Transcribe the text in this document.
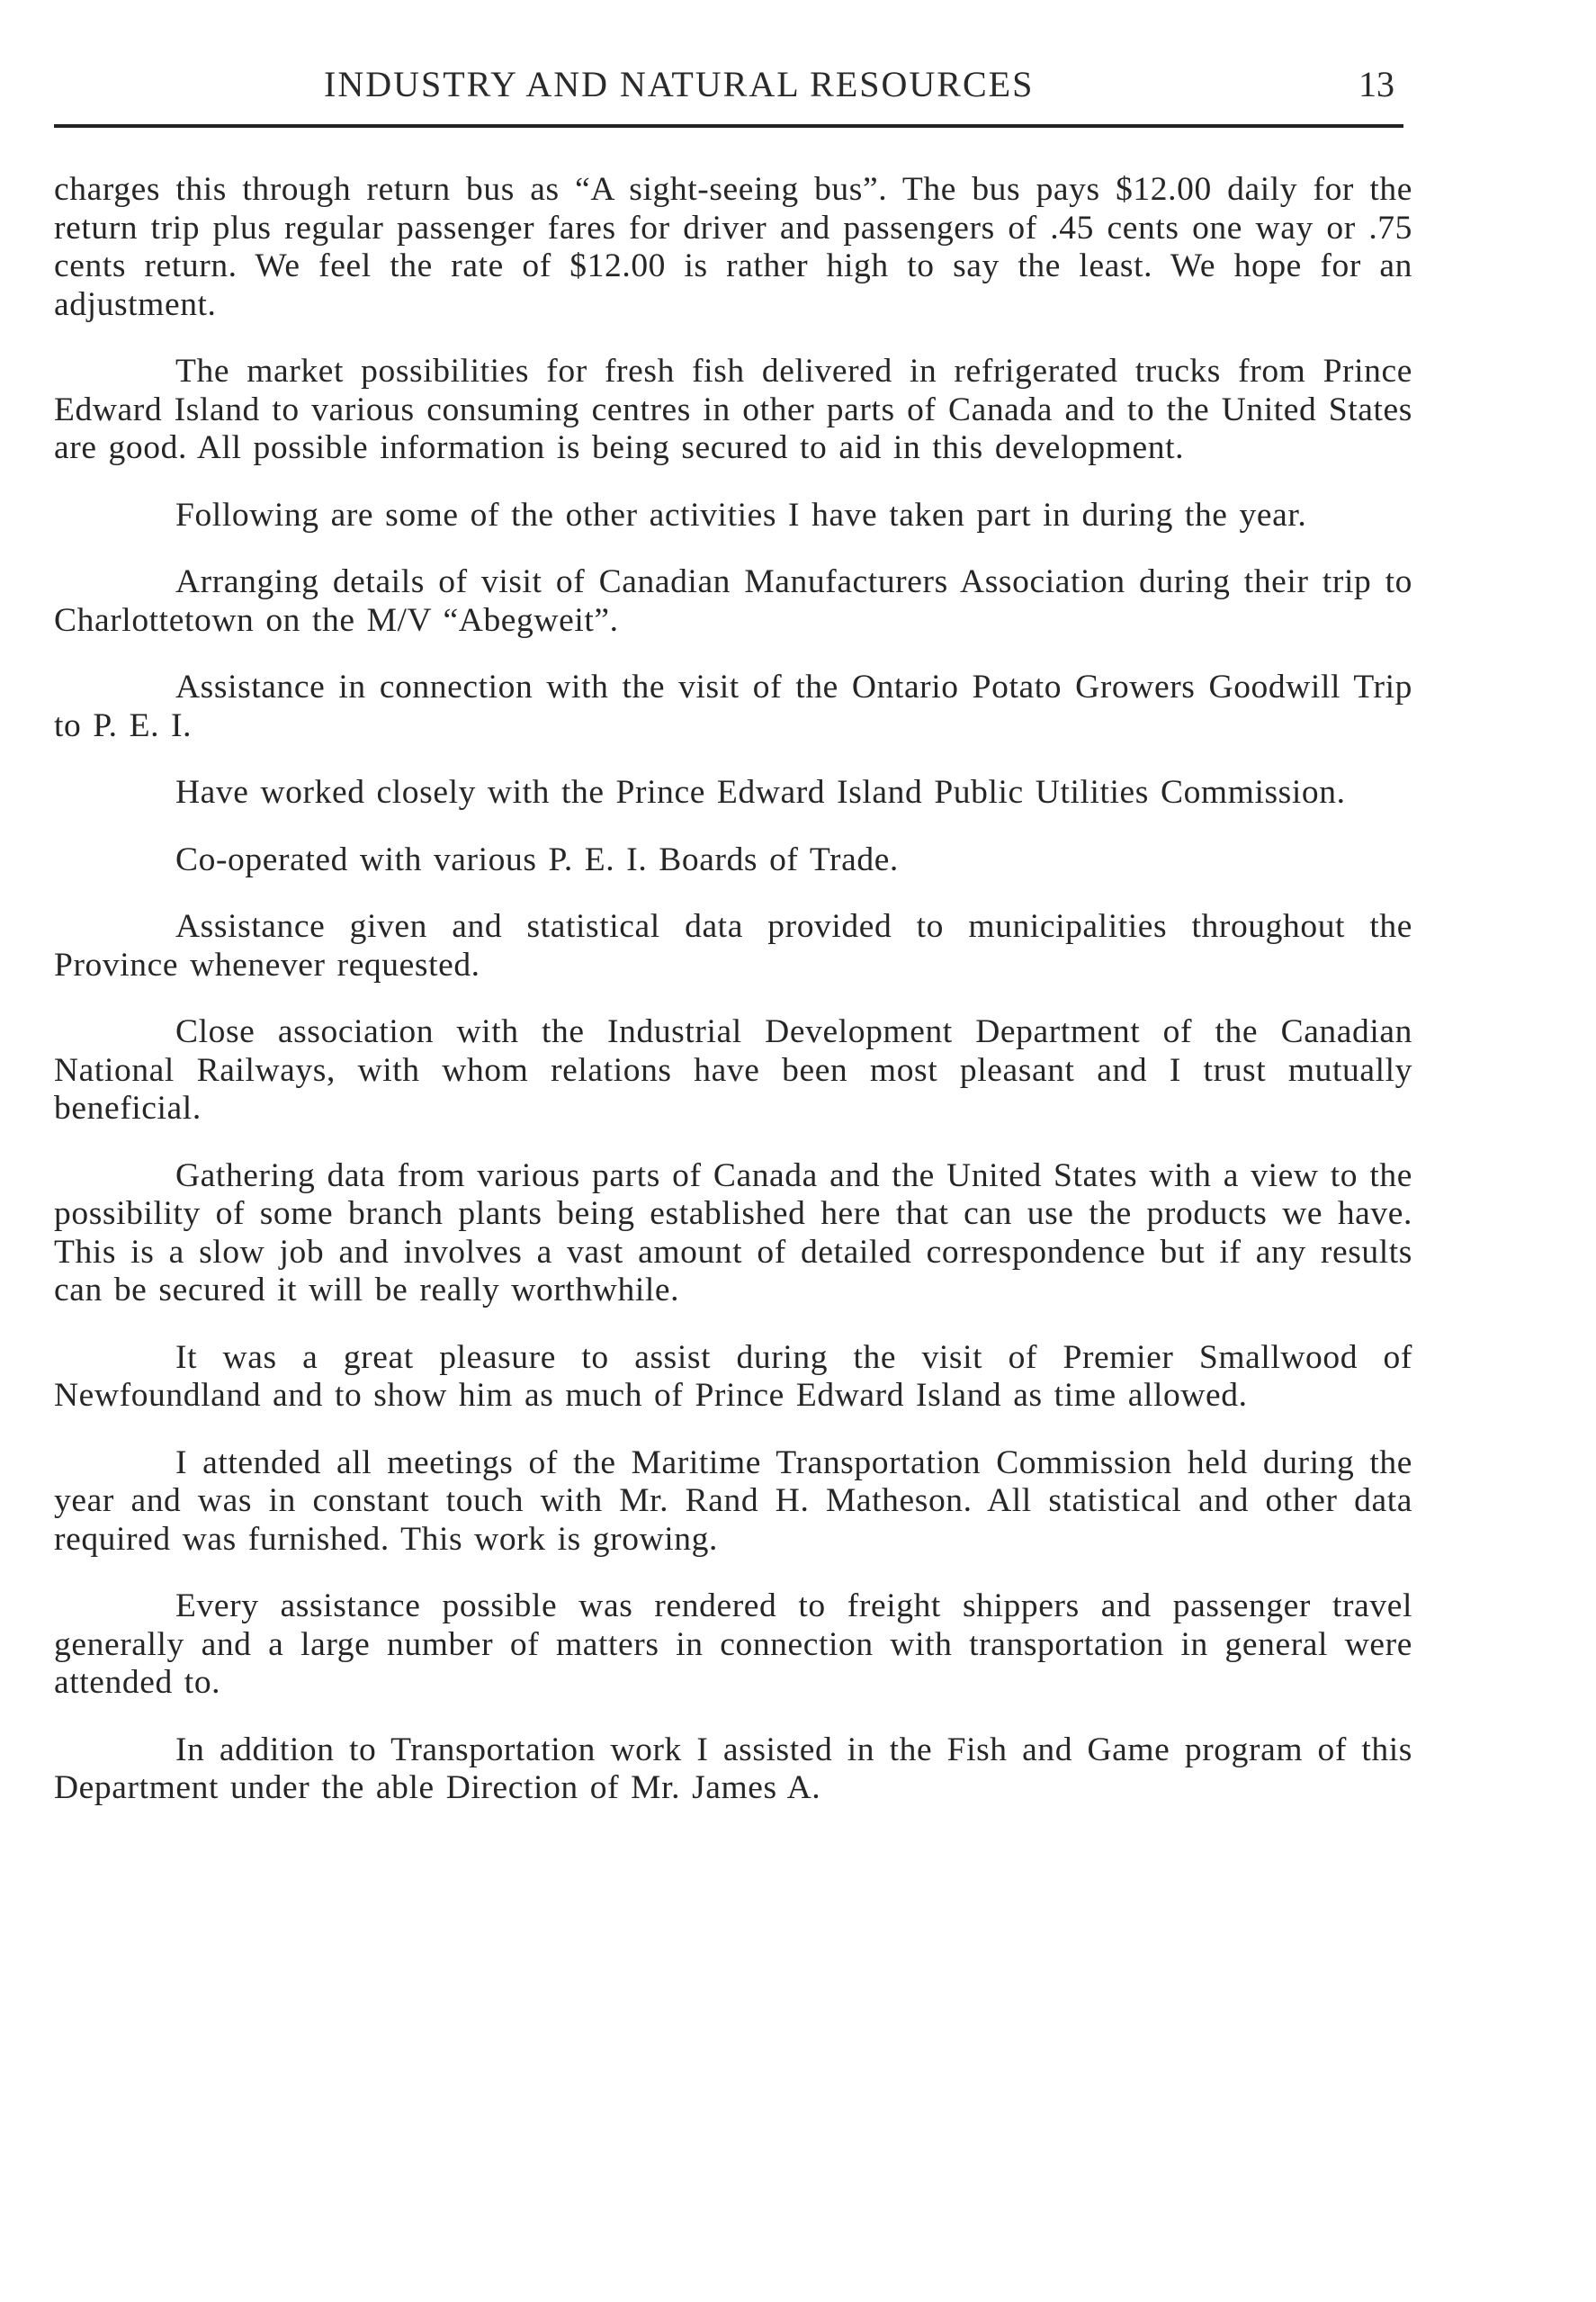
INDUSTRY AND NATURAL RESOURCES	13

charges this through return bus as “A sight-seeing bus”. The bus pays $12.00 daily for the return trip plus regular passenger fares for driver and passengers of .45 cents one way or .75 cents return. We feel the rate of $12.00 is rather high to say the least. We hope for an adjustment.

The market possibilities for fresh fish delivered in refrigerated trucks from Prince Edward Island to various consuming centres in other parts of Canada and to the United States are good. All possible information is being secured to aid in this development.

Following are some of the other activities I have taken part in during the year.

Arranging details of visit of Canadian Manufacturers Association during their trip to Charlottetown on the M/V “Abegweit”.

Assistance in connection with the visit of the Ontario Potato Growers Goodwill Trip to P. E. I.

Have worked closely with the Prince Edward Island Public Utilities Commission.

Co-operated with various P. E. I. Boards of Trade.

Assistance given and statistical data provided to municipalities throughout the Province whenever requested.

Close association with the Industrial Development Department of the Canadian National Railways, with whom relations have been most pleasant and I trust mutually beneficial.

Gathering data from various parts of Canada and the United States with a view to the possibility of some branch plants being established here that can use the products we have. This is a slow job and involves a vast amount of detailed correspondence but if any results can be secured it will be really worthwhile.

It was a great pleasure to assist during the visit of Premier Smallwood of Newfoundland and to show him as much of Prince Edward Island as time allowed.

I attended all meetings of the Maritime Transportation Commission held during the year and was in constant touch with Mr. Rand H. Matheson. All statistical and other data required was furnished. This work is growing.

Every assistance possible was rendered to freight shippers and passenger travel generally and a large number of matters in connection with transportation in general were attended to.

In addition to Transportation work I assisted in the Fish and Game program of this Department under the able Direction of Mr. James A.
